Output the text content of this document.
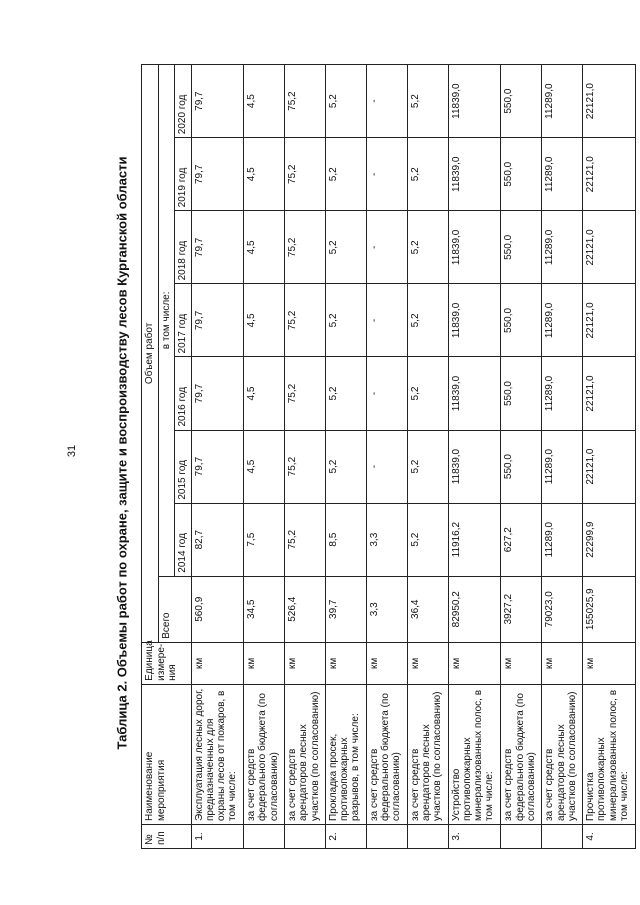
31	Таблица 2. Объемы работ по охране, защите и воспроизводству лесов Курганской области
№ п/п	Наименование мероприятия	Единица измере-ния	Объем работ							
			Всего	в том числе:						
				2014 год	2015 год	2016 год	2017 год	2018 год	2019 год	2020 год
1.	Эксплуатация лесных дорог, предназначенных для охраны лесов от пожаров, в том числе:	км	560,9	82,7	79,7	79,7	79,7	79,7	79,7	79,7
	за счет средств федерального бюджета (по согласованию)	км	34,5	7,5	4,5	4,5	4,5	4,5	4,5	4,5
	за счет средств арендаторов лесных участков (по согласованию)	км	526,4	75,2	75,2	75,2	75,2	75,2	75,2	75,2
2.	Прокладка просек, противопожарных разрывов, в том числе:	км	39,7	8,5	5,2	5,2	5,2	5,2	5,2	5,2
	за счет средств федерального бюджета (по согласованию)	км	3,3	3,3	-	-	-	-	-	-
	за счет средств арендаторов лесных участков (по согласованию)	км	36,4	5,2	5,2	5,2	5,2	5,2	5,2	5,2
3.	Устройство противопожарных минерализованных полос, в том числе:	км	82950,2	11916,2	11839,0	11839,0	11839,0	11839,0	11839,0	11839,0
	за счет средств федерального бюджета (по согласованию)	км	3927,2	627,2	550,0	550,0	550,0	550,0	550,0	550,0
	за счет средств арендаторов лесных участков (по согласованию)	км	79023,0	11289,0	11289,0	11289,0	11289,0	11289,0	11289,0	11289,0
4.	Прочистка противопожарных минерализованных полос, в том числе:	км	155025,9	22299,9	22121,0	22121,0	22121,0	22121,0	22121,0	22121,0
